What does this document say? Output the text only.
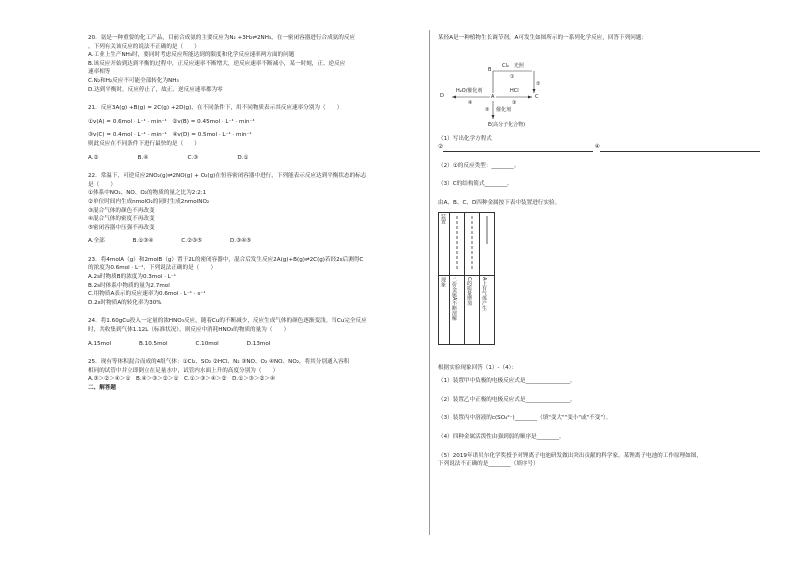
20．氨是一种重要的化工产品，目前合成氨的主要反应为N₂ +3H₂⇌2NH₃，在一密闭容器进行合成氨的反应
，下列有关该反应的说法不正确的是（　　）
A.工业上生产NH₃时，要同时考虑反应所能达到的限度和化学反应速率两方面的问题
B.该反应开始到达到平衡的过程中，正反应速率不断增大，逆反应速率不断减小，某一时刻，正、逆反应
速率相等
C.N₂和H₂反应不可能全部转化为NH₃
D.达到平衡时，反应停止了，故正、逆反应速率都为零
21．反应3A(g) +B(g) = 2C(g) +2D(g)，在不同条件下，用不同物质表示其反应速率分别为（　　）
①v(A) = 0.6mol · L⁻¹ · min⁻¹　②v(B) = 0.45mol · L⁻¹ · min⁻¹
③v(C) = 0.4mol · L⁻¹ · min⁻¹　④v(D) = 0.5mol · L⁻¹ · min⁻¹
则此反应在不同条件下进行最快的是（　　）
A.②　　　　　　　B.④　　　　　　　C.③　　　　　　　D.①
22．常温下，可逆反应2NO₂(g)⇌2NO(g) + O₂(g)在恒容密闭容器中进行，下列能表示反应达到平衡状态的标志
是（　　）
①体系中NO₂、NO、O₂的物质的量之比为2:2:1
②单位时间内生成nmolO₂的同时生成2nmolNO₂
③混合气体的颜色不再改变
④混合气体的密度不再改变
⑤密闭容器中压强不再改变
A.全部　　　　　B.①③④　　　　　C.②③⑤　　　　　D.③④⑤
23．将4molA（g）和2molB（g）置于2L的密闭容器中，混合后发生反应2A(g)+B(g)⇌2C(g)若经2s后测得C
的浓度为0.6mol · L⁻¹，下列说法正确的是（　　）
A.2s时物质B的浓度为0.3mol · L⁻¹
B.2s时体系中物质的量为2.7mol
C.用物质A表示的反应速率为0.6mol · L⁻¹ · s⁻¹
D.2s时物质A的转化率为30%
24．将1.60gCu投入一定量的浓HNO₃反应，随着Cu的不断减少，反应生成气体的颜色逐渐变浅。当Cu完全反应
时，共收集到气体1.12L（标准状况），则反应中消耗HNO₃的物质的量为（　　）
A.15mol　　　　　B.10.5mol　　　　　C.10mol　　　　　D.13mol
25．现有等体积混合而成的4组气体：①Cl₂、SO₂ ②HCl、N₂ ③NO、O₂ ④NO、NO₂，将其分别通入容积
相同的试管中并立即倒立在足量水中，试管内水面上升的高度分别为（　　）
A.③＞②＞④＞①　B.④＞③＞②＞①　C.①＞③＞④＞②　D.①＞③＞②＞④
二、解答题
某烃A是一种植物生长调节剂，A可发生如图所示的一系列化学反应，回答下列问题：
D	A	C
B
Cl₂　光照
H₂O/催化剂	HCl
④	③
①
②
⑤ 催化剂
E(高分子化合物)
（1）写出化学方程式
②	④
（2）①的反应类型：________。
（3）C的结构简式________。
由A、B、C、D四种金属按下表中装置进行实验。
装置

现象	二价金属A不断溶解	C的质量增加	A上有气体产生
根据实验现象回答（1）-（4）：
（1）装置甲中负极的电极反应式是________________。
（2）装置乙中正极的电极反应式是________________。
（3）装置丙中溶液的c(SO₄²⁻)________（填"变大""变小"或"不变"）。
（4）四种金属活泼性由强到弱的顺序是________。
（5）2019年诺贝尔化学奖授予对锂离子电池研发做出突出贡献的科学家，某锂离子电池的工作原理如图，
下列说法不正确的是________（填序号）
